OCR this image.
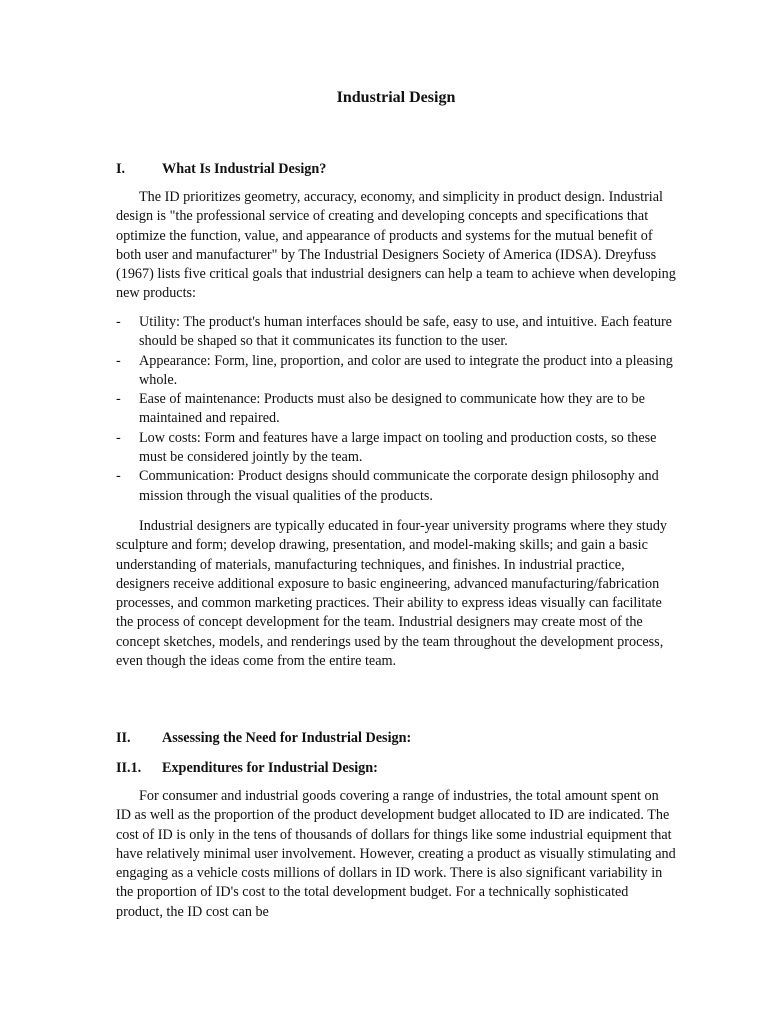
Industrial Design
I.	What Is Industrial Design?

The ID prioritizes geometry, accuracy, economy, and simplicity in product design. Industrial design is "the professional service of creating and developing concepts and specifications that optimize the function, value, and appearance of products and systems for the mutual benefit of both user and manufacturer" by The Industrial Designers Society of America (IDSA). Dreyfuss (1967) lists five critical goals that industrial designers can help a team to achieve when developing new products:

- Utility: The product's human interfaces should be safe, easy to use, and intuitive. Each feature should be shaped so that it communicates its function to the user.
- Appearance: Form, line, proportion, and color are used to integrate the product into a pleasing whole.
- Ease of maintenance: Products must also be designed to communicate how they are to be maintained and repaired.
- Low costs: Form and features have a large impact on tooling and production costs, so these must be considered jointly by the team.
- Communication: Product designs should communicate the corporate design philosophy and mission through the visual qualities of the products.

Industrial designers are typically educated in four-year university programs where they study sculpture and form; develop drawing, presentation, and model-making skills; and gain a basic understanding of materials, manufacturing techniques, and finishes. In industrial practice, designers receive additional exposure to basic engineering, advanced manufacturing/fabrication processes, and common marketing practices. Their ability to express ideas visually can facilitate the process of concept development for the team. Industrial designers may create most of the concept sketches, models, and renderings used by the team throughout the development process, even though the ideas come from the entire team.

II. Assessing the Need for Industrial Design:
II.1. Expenditures for Industrial Design:

For consumer and industrial goods covering a range of industries, the total amount spent on ID as well as the proportion of the product development budget allocated to ID are indicated. The cost of ID is only in the tens of thousands of dollars for things like some industrial equipment that have relatively minimal user involvement. However, creating a product as visually stimulating and engaging as a vehicle costs millions of dollars in ID work. There is also significant variability in the proportion of ID's cost to the total development budget. For a technically sophisticated product, the ID cost can be
